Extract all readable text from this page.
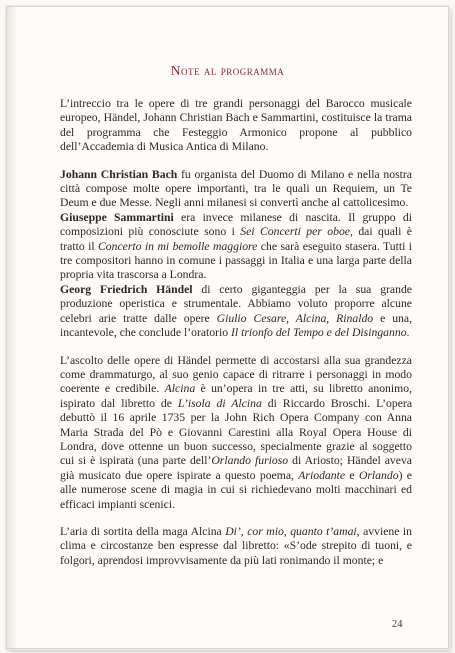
Note al programma

L’intreccio tra le opere di tre grandi personaggi del Barocco musicale europeo, Händel, Johann Christian Bach e Sammartini, costituisce la trama del programma che Festeggio Armonico propone al pubblico dell’Accademia di Musica Antica di Milano.

Johann Christian Bach fu organista del Duomo di Milano e nella nostra città compose molte opere importanti, tra le quali un Requiem, un Te Deum e due Messe. Negli anni milanesi si convertì anche al cattolicesimo.

Giuseppe Sammartini era invece milanese di nascita. Il gruppo di composizioni più conosciute sono i Sei Concerti per oboe, dai quali è tratto il Concerto in mi bemolle maggiore che sarà eseguito stasera. Tutti i tre compositori hanno in comune i passaggi in Italia e una larga parte della propria vita trascorsa a Londra.

Georg Friedrich Händel di certo giganteggia per la sua grande produzione operistica e strumentale. Abbiamo voluto proporre alcune celebri arie tratte dalle opere Giulio Cesare, Alcina, Rinaldo e una, incantevole, che conclude l’oratorio Il trionfo del Tempo e del Disinganno.

L’ascolto delle opere di Händel permette di accostarsi alla sua grandezza come drammaturgo, al suo genio capace di ritrarre i personaggi in modo coerente e credibile. Alcina è un’opera in tre atti, su libretto anonimo, ispirato dal libretto de L’isola di Alcina di Riccardo Broschi. L’opera debuttò il 16 aprile 1735 per la John Rich Opera Company con Anna Maria Strada del Pò e Giovanni Carestini alla Royal Opera House di Londra, dove ottenne un buon successo, specialmente grazie al soggetto cui si è ispirata (una parte dell’Orlando furioso di Ariosto; Händel aveva già musicato due opere ispirate a questo poema, Ariodante e Orlando) e alle numerose scene di magia in cui si richiedevano molti macchinari ed efficaci impianti scenici.

L’aria di sortita della maga Alcina Di’, cor mio, quanto t’amai, avviene in clima e circostanze ben espresse dal libretto: «S’ode strepito di tuoni, e folgori, aprendosi improvvisamente da più lati ronimando il monte; e

24
